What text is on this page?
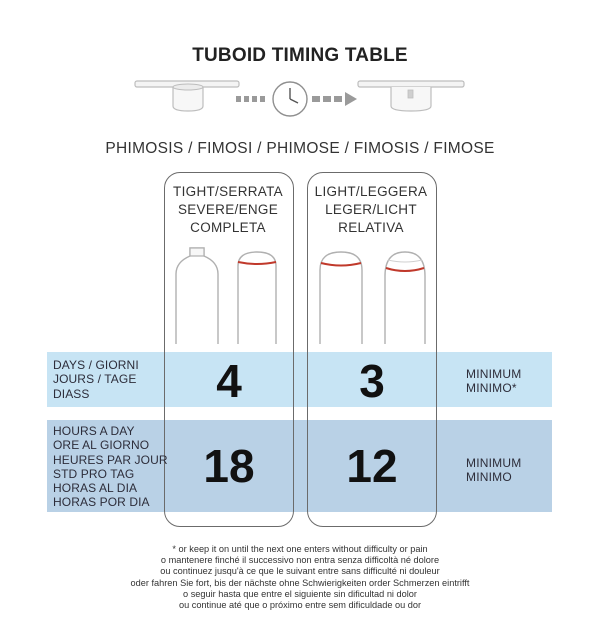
TUBOID TIMING TABLE
PHIMOSIS / FIMOSI / PHIMOSE / FIMOSIS / FIMOSE
TIGHT/SERRATA
SEVERE/ENGE
COMPLETA
LIGHT/LEGGERA
LEGER/LICHT
RELATIVA
DAYS / GIORNI
JOURS / TAGE
DIASS	4	3	MINIMUM
MINIMO*
HOURS A DAY
ORE AL GIORNO
HEURES PAR JOUR
STD PRO TAG
HORAS AL DIA
HORAS POR DIA
18	12	MINIMUM
MINIMO
* or keep it on until the next one enters without difficulty or pain
o mantenere finché il successivo non entra senza difficoltà né dolore
ou continuez jusqu'à ce que le suivant entre sans difficulté ni douleur
oder fahren Sie fort, bis der nächste ohne Schwierigkeiten order Schmerzen eintrifft
o seguir hasta que entre el siguiente sin dificultad ni dolor
ou continue até que o próximo entre sem dificuldade ou dor
